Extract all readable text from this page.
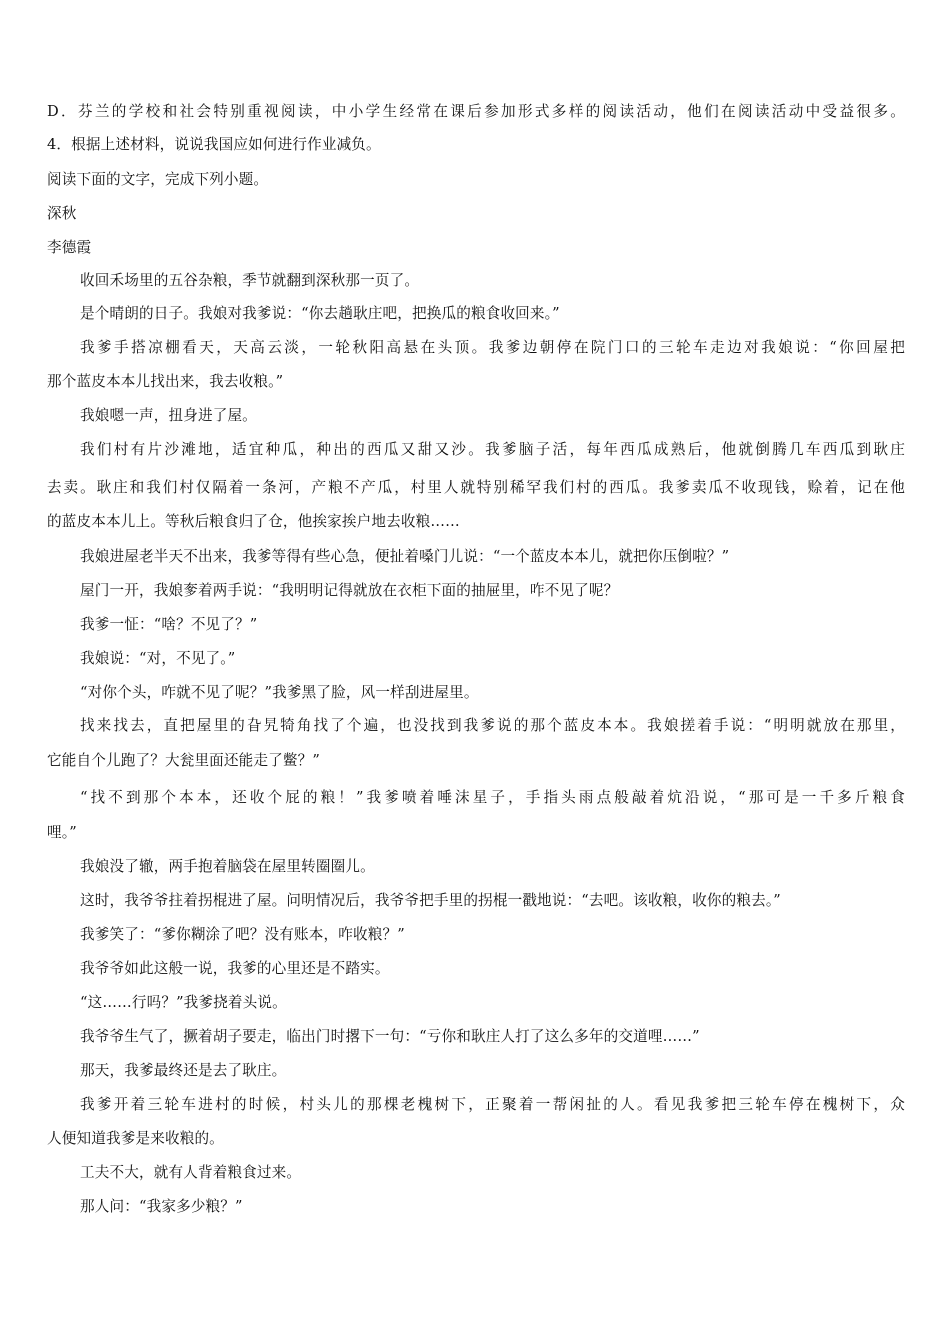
D．芬兰的学校和社会特别重视阅读，中小学生经常在课后参加形式多样的阅读活动，他们在阅读活动中受益很多。
4．根据上述材料，说说我国应如何进行作业减负。
阅读下面的文字，完成下列小题。
深秋
李德霞
收回禾场里的五谷杂粮，季节就翻到深秋那一页了。
是个晴朗的日子。我娘对我爹说：“你去趟耿庄吧，把换瓜的粮食收回来。”
我爹手搭凉棚看天，天高云淡，一轮秋阳高悬在头顶。我爹边朝停在院门口的三轮车走边对我娘说：“你回屋把
那个蓝皮本本儿找出来，我去收粮。”
我娘嗯一声，扭身进了屋。
我们村有片沙滩地，适宜种瓜，种出的西瓜又甜又沙。我爹脑子活，每年西瓜成熟后，他就倒腾几车西瓜到耿庄
去卖。耿庄和我们村仅隔着一条河，产粮不产瓜，村里人就特别稀罕我们村的西瓜。我爹卖瓜不收现钱，赊着，记在他
的蓝皮本本儿上。等秋后粮食归了仓，他挨家挨户地去收粮……
我娘进屋老半天不出来，我爹等得有些心急，便扯着嗓门儿说：“一个蓝皮本本儿，就把你压倒啦？”
屋门一开，我娘奓着两手说：“我明明记得就放在衣柜下面的抽屉里，咋不见了呢？
我爹一怔：“啥？不见了？”
我娘说：“对，不见了。”
“对你个头，咋就不见了呢？”我爹黑了脸，风一样刮进屋里。
找来找去，直把屋里的旮旯犄角找了个遍，也没找到我爹说的那个蓝皮本本。我娘搓着手说：“明明就放在那里，
它能自个儿跑了？大瓮里面还能走了鳖？”
“找不到那个本本，还收个屁的粮！”我爹喷着唾沫星子，手指头雨点般敲着炕沿说，“那可是一千多斤粮食
哩。”
我娘没了辙，两手抱着脑袋在屋里转圈圈儿。
这时，我爷爷拄着拐棍进了屋。问明情况后，我爷爷把手里的拐棍一戳地说：“去吧。该收粮，收你的粮去。”
我爹笑了：“爹你糊涂了吧？没有账本，咋收粮？”
我爷爷如此这般一说，我爹的心里还是不踏实。
“这……行吗？”我爹挠着头说。
我爷爷生气了，撅着胡子要走，临出门时撂下一句：“亏你和耿庄人打了这么多年的交道哩……”
那天，我爹最终还是去了耿庄。
我爹开着三轮车进村的时候，村头儿的那棵老槐树下，正聚着一帮闲扯的人。看见我爹把三轮车停在槐树下，众
人便知道我爹是来收粮的。
工夫不大，就有人背着粮食过来。
那人问：“我家多少粮？”
